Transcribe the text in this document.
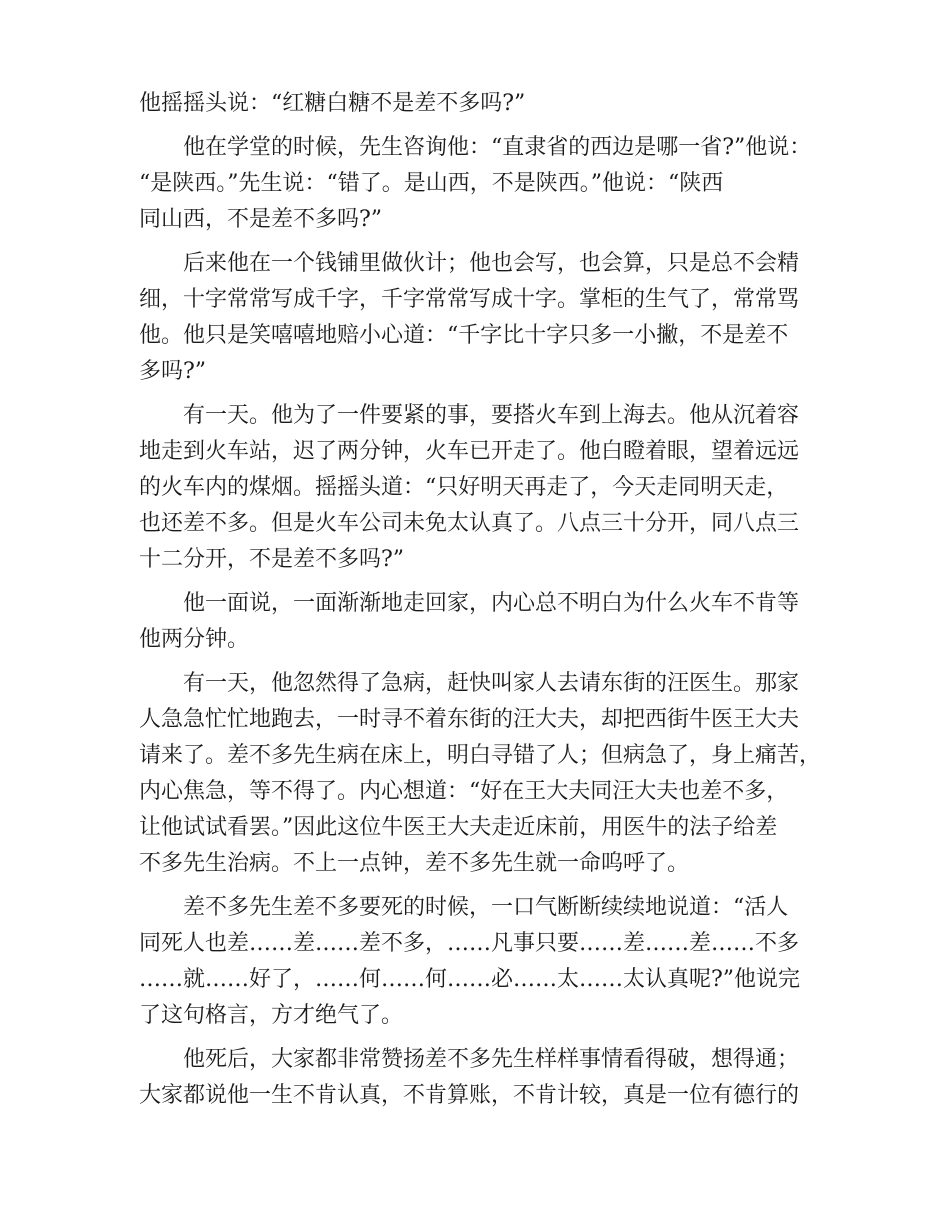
他摇摇头说：“红糖白糖不是差不多吗?”
　　他在学堂的时候，先生咨询他：“直隶省的西边是哪一省?”他说：
“是陕西。”先生说：“错了。是山西，不是陕西。”他说：“陕西
同山西，不是差不多吗?”
　　后来他在一个钱铺里做伙计；他也会写，也会算，只是总不会精
细，十字常常写成千字，千字常常写成十字。掌柜的生气了，常常骂
他。他只是笑嘻嘻地赔小心道：“千字比十字只多一小撇，不是差不
多吗?”
　　有一天。他为了一件要紧的事，要搭火车到上海去。他从沉着容
地走到火车站，迟了两分钟，火车已开走了。他白瞪着眼，望着远远
的火车内的煤烟。摇摇头道：“只好明天再走了，今天走同明天走，
也还差不多。但是火车公司未免太认真了。八点三十分开，同八点三
十二分开，不是差不多吗?”
　　他一面说，一面渐渐地走回家，内心总不明白为什么火车不肯等
他两分钟。
　　有一天，他忽然得了急病，赶快叫家人去请东街的汪医生。那家
人急急忙忙地跑去，一时寻不着东街的汪大夫，却把西街牛医王大夫
请来了。差不多先生病在床上，明白寻错了人；但病急了，身上痛苦，
内心焦急，等不得了。内心想道：“好在王大夫同汪大夫也差不多，
让他试试看罢。”因此这位牛医王大夫走近床前，用医牛的法子给差
不多先生治病。不上一点钟，差不多先生就一命呜呼了。
　　差不多先生差不多要死的时候，一口气断断续续地说道：“活人
同死人也差……差……差不多，……凡事只要……差……差……不多
……就……好了，……何……何……必……太……太认真呢?”他说完
了这句格言，方才绝气了。
　　他死后，大家都非常赞扬差不多先生样样事情看得破，想得通；
大家都说他一生不肯认真，不肯算账，不肯计较，真是一位有德行的
